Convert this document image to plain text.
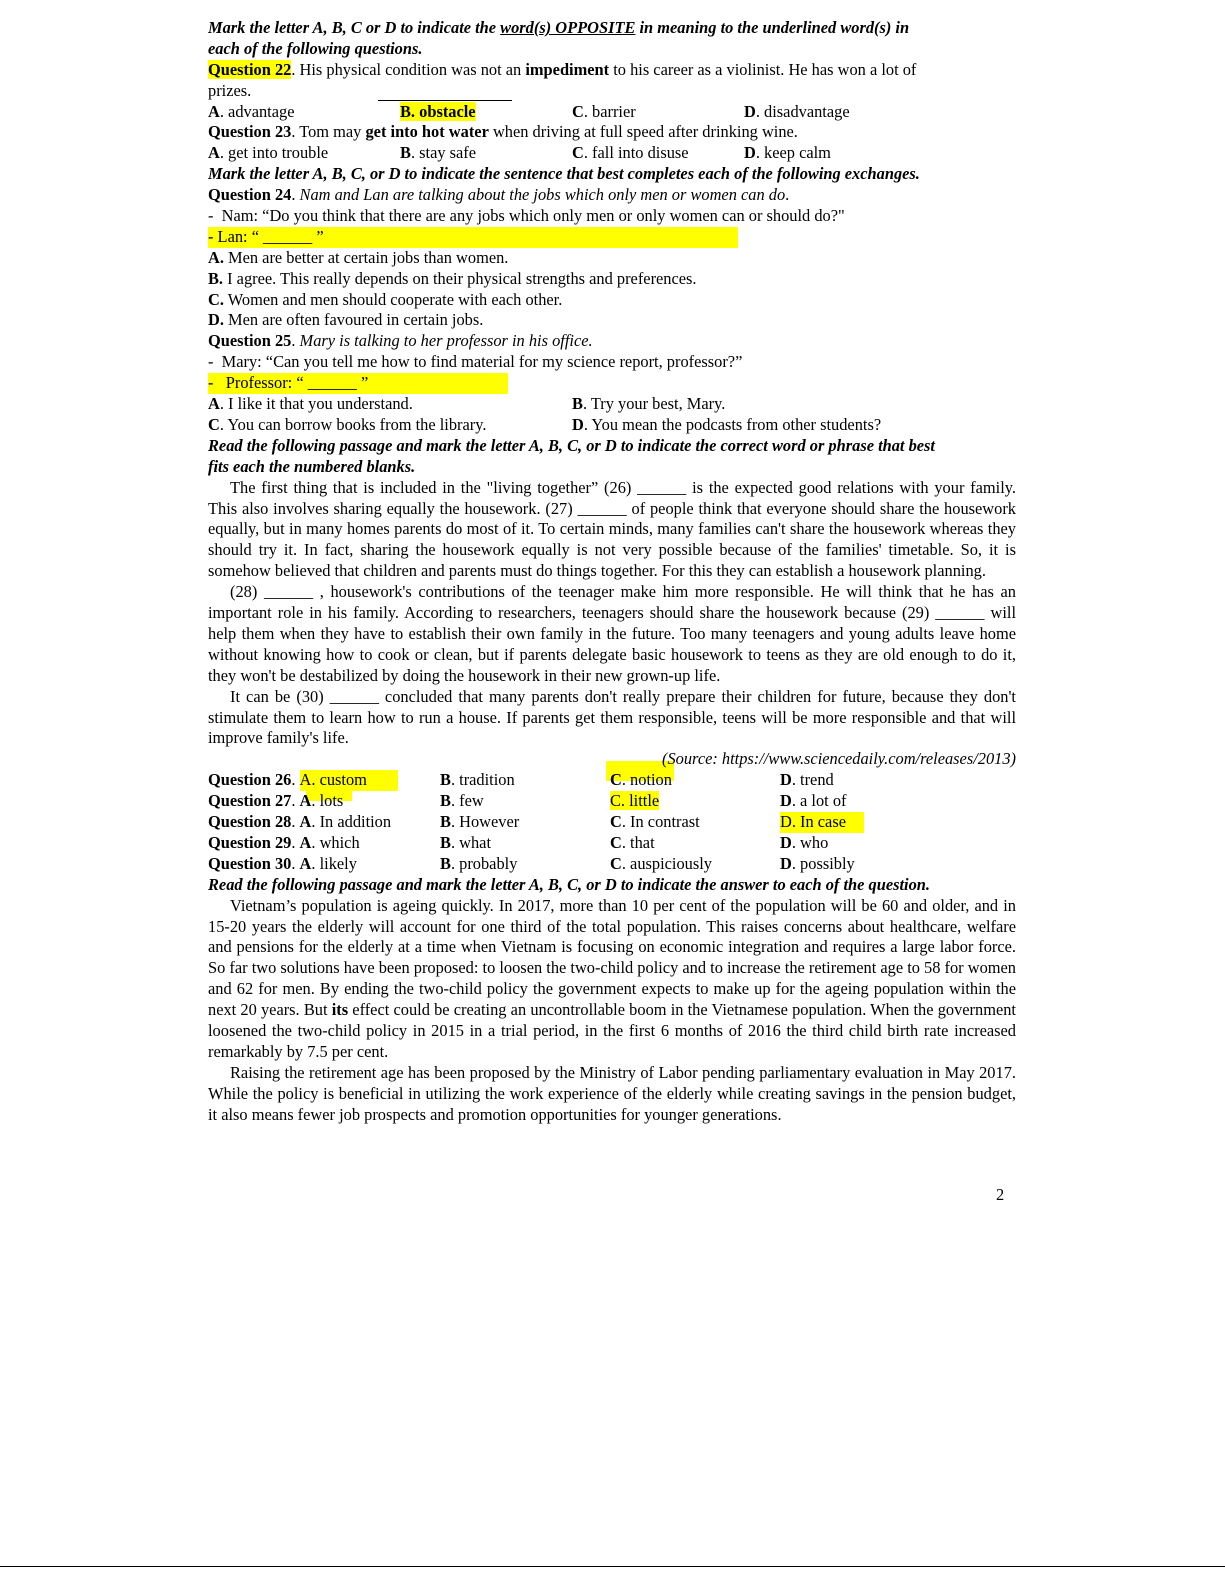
Mark the letter A, B, C or D to indicate the word(s) OPPOSITE in meaning to the underlined word(s) in
each of the following questions.
Question 22. His physical condition was not an impediment to his career as a violinist. He has won a lot of
prizes.
A. advantage	B. obstacle	C. barrier	D. disadvantage
Question 23. Tom may get into hot water when driving at full speed after drinking wine.
A. get into trouble	B. stay safe	C. fall into disuse	D. keep calm
Mark the letter A, B, C, or D to indicate the sentence that best completes each of the following exchanges.
Question 24. Nam and Lan are talking about the jobs which only men or women can do.
-  Nam: “Do you think that there are any jobs which only men or only women can or should do?"
- Lan: “ ______ ”
A. Men are better at certain jobs than women.
B. I agree. This really depends on their physical strengths and preferences.
C. Women and men should cooperate with each other.
D. Men are often favoured in certain jobs.
Question 25. Mary is talking to her professor in his office.
-  Mary: “Can you tell me how to find material for my science report, professor?”
-   Professor: “ ______ ”
A. I like it that you understand.	B. Try your best, Mary.
C. You can borrow books from the library.	D. You mean the podcasts from other students?
Read the following passage and mark the letter A, B, C, or D to indicate the correct word or phrase that best
fits each the numbered blanks.
The first thing that is included in the "living together” (26) ______ is the expected good relations with your family. This also involves sharing equally the housework. (27) ______ of people think that everyone should share the housework equally, but in many homes parents do most of it. To certain minds, many families can't share the housework whereas they should try it. In fact, sharing the housework equally is not very possible because of the families' timetable. So, it is somehow believed that children and parents must do things together. For this they can establish a housework planning.
(28) ______ , housework's contributions of the teenager make him more responsible. He will think that he has an important role in his family. According to researchers, teenagers should share the housework because (29) ______ will help them when they have to establish their own family in the future. Too many teenagers and young adults leave home without knowing how to cook or clean, but if parents delegate basic housework to teens as they are old enough to do it, they won't be destabilized by doing the housework in their new grown-up life.
It can be (30) ______ concluded that many parents don't really prepare their children for future, because they don't stimulate them to learn how to run a house. If parents get them responsible, teens will be more responsible and that will improve family's life.
(Source: https://www.sciencedaily.com/releases/2013)
Question 26. A. custom	B. tradition	C. notion	D. trend
Question 27. A. lots	B. few	C. little	D. a lot of
Question 28. A. In addition	B. However	C. In contrast	D. In case
Question 29. A. which	B. what	C. that	D. who
Question 30. A. likely	B. probably	C. auspiciously	D. possibly
Read the following passage and mark the letter A, B, C, or D to indicate the answer to each of the question.
Vietnam’s population is ageing quickly. In 2017, more than 10 per cent of the population will be 60 and older, and in 15-20 years the elderly will account for one third of the total population. This raises concerns about healthcare, welfare and pensions for the elderly at a time when Vietnam is focusing on economic integration and requires a large labor force. So far two solutions have been proposed: to loosen the two-child policy and to increase the retirement age to 58 for women and 62 for men. By ending the two-child policy the government expects to make up for the ageing population within the next 20 years. But its effect could be creating an uncontrollable boom in the Vietnamese population. When the government loosened the two-child policy in 2015 in a trial period, in the first 6 months of 2016 the third child birth rate increased remarkably by 7.5 per cent.
Raising the retirement age has been proposed by the Ministry of Labor pending parliamentary evaluation in May 2017. While the policy is beneficial in utilizing the work experience of the elderly while creating savings in the pension budget, it also means fewer job prospects and promotion opportunities for younger generations.
2
